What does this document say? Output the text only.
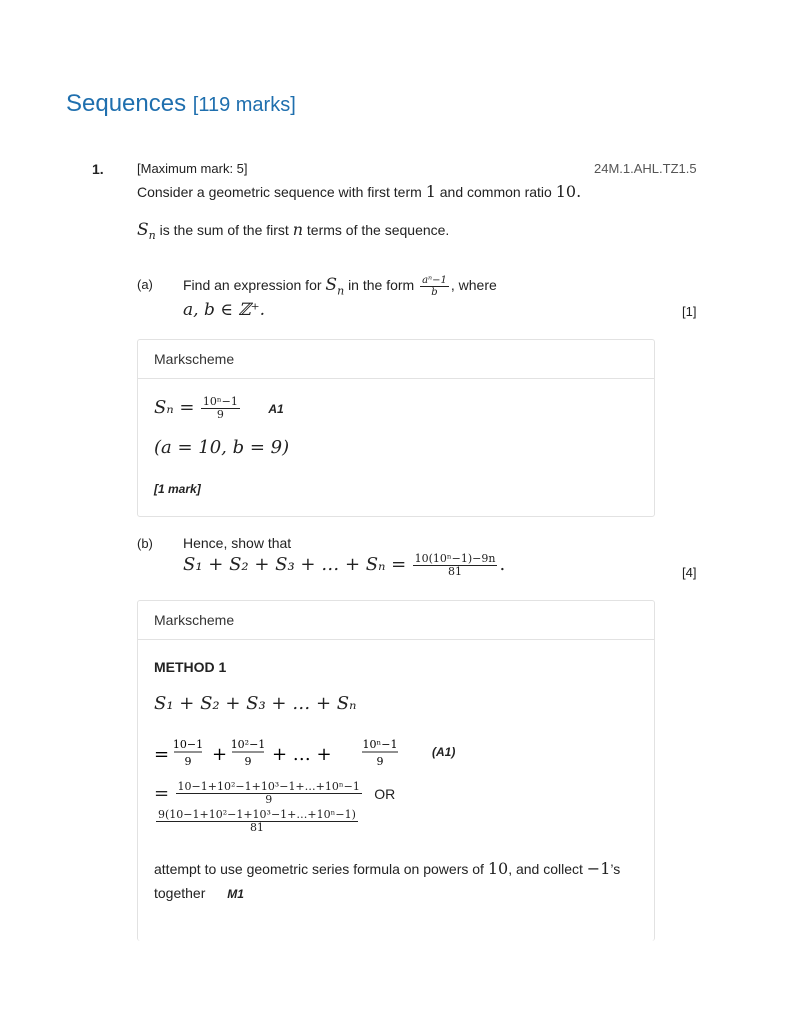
Sequences [119 marks]
1.	[Maximum mark: 5]	24M.1.AHL.TZ1.5
Consider a geometric sequence with first term 1 and common ratio 10.
$S_n$ is the sum of the first n terms of the sequence.
(a) Find an expression for $S_n$ in the form $\frac{\text{aⁿ−1}}{b}$ , where
a, b ∈ ℤ⁺.	[1]
Markscheme
$S_n = \frac{\text{10ⁿ−1}}{9} A1$
(a = 10, b = 9)
[1 mark]
(b) Hence, show that
S₁ + S₂ + S₃ + … + $S_n = \frac{\text{10(10ⁿ−1)−9n}}{81}$ .	[4]
Markscheme
METHOD 1
S₁ + S₂ + S₃ + … + Sₙ
= 10−1
9 + 10²−1
9 + … +	10ⁿ−1
9
(A1)
= $\frac{\text{10−1+10²−1+10³−1+…+10ⁿ−1}}{9}$ OR
$\frac{\text{9(10−1+10²−1+10³−1+…+10ⁿ−1)}}{81}$
attempt to use geometric series formula on powers of 10, and collect −1’s
together M1
